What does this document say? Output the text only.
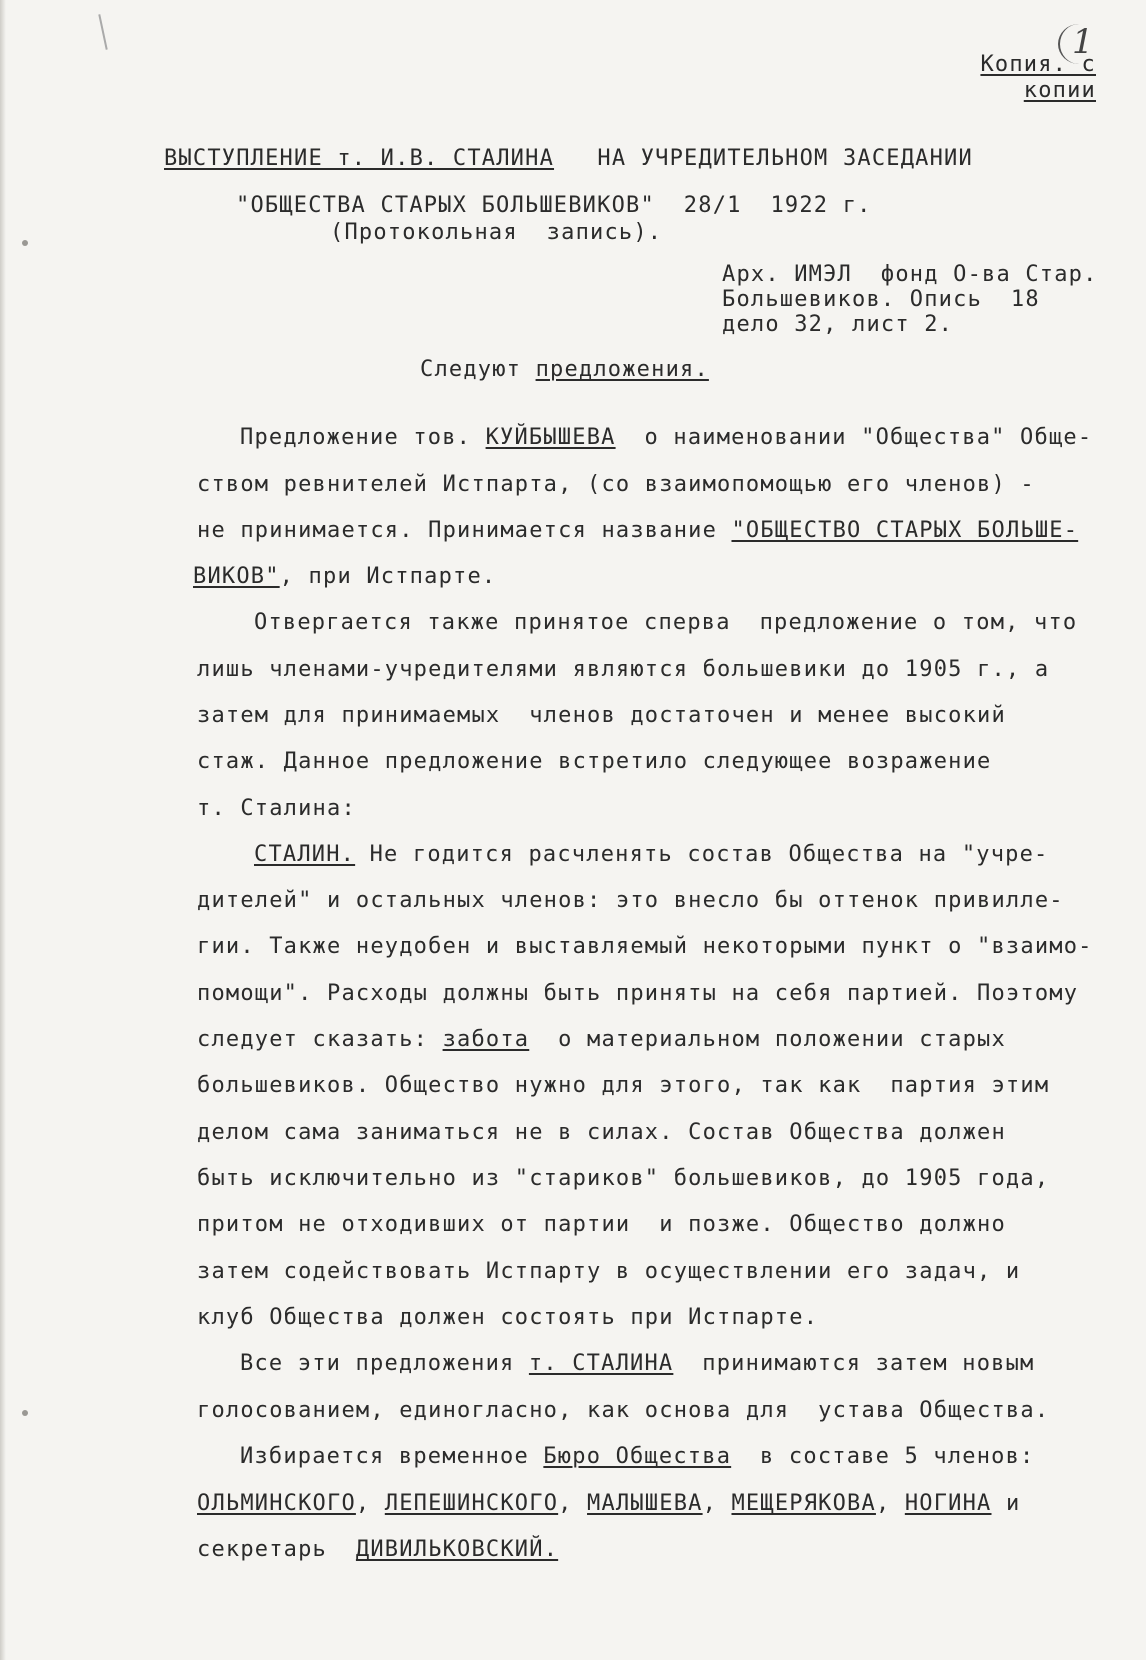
1
Копия. с
копии
ВЫСТУПЛЕНИЕ т. И.В. СТАЛИНА НА УЧРЕДИТЕЛЬНОМ ЗАСЕДАНИИ
"ОБЩЕСТВА СТАРЫХ БОЛЬШЕВИКОВ"  28/1  1922 г.
(Протокольная  запись).
Арх. ИМЭЛ  фонд О-ва Стар.
Большевиков. Опись  18
дело 32, лист 2.
Следуют предложения.
Предложение тов. КУЙБЫШЕВА  о наименовании "Общества" Обще-
ством ревнителей Истпарта, (со взаимопомощью его членов) -
не принимается. Принимается название "ОБЩЕСТВО СТАРЫХ БОЛЬШЕ-
ВИКОВ", при Истпарте.
Отвергается также принятое сперва  предложение о том, что
лишь членами-учредителями являются большевики до 1905 г., а
затем для принимаемых  членов достаточен и менее высокий
стаж. Данное предложение встретило следующее возражение
т. Сталина:
СТАЛИН. Не годится расчленять состав Общества на "учре-
дителей" и остальных членов: это внесло бы оттенок привилле-
гии. Также неудобен и выставляемый некоторыми пункт о "взаимо-
помощи". Расходы должны быть приняты на себя партией. Поэтому
следует сказать: забота  о материальном положении старых
большевиков. Общество нужно для этого, так как  партия этим
делом сама заниматься не в силах. Состав Общества должен
быть исключительно из "стариков" большевиков, до 1905 года,
притом не отходивших от партии  и позже. Общество должно
затем содействовать Истпарту в осуществлении его задач, и
клуб Общества должен состоять при Истпарте.
Все эти предложения т. СТАЛИНА  принимаются затем новым
голосованием, единогласно, как основа для  устава Общества.
Избирается временное Бюро Общества  в составе 5 членов:
ОЛЬМИНСКОГО, ЛЕПЕШИНСКОГО, МАЛЫШЕВА, МЕЩЕРЯКОВА, НОГИНА и
секретарь  ДИВИЛЬКОВСКИЙ.
